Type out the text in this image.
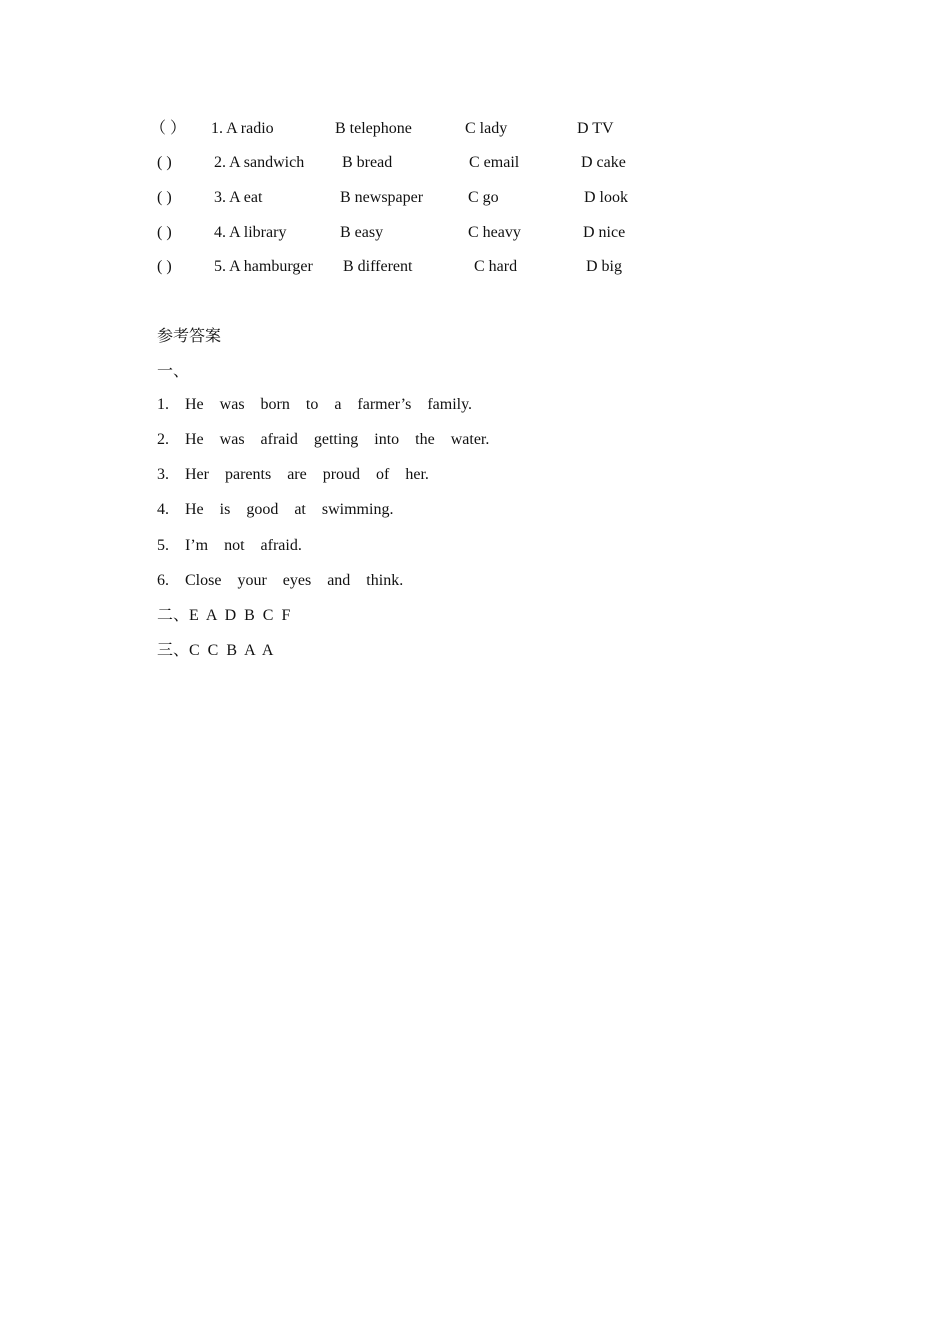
（ ） 1. A radio	B telephone	C lady	D TV
( )	2. A sandwich B bread	C email	D cake
( )	3. A eat	B newspaper	C go	D look
( )	4. A library	B easy	C heavy	D nice
( )	5. A hamburger B different	C hard	D big
参考答案
一、
1.  He  was  born  to  a  farmer’s  family.
2.  He  was  afraid  getting  into  the  water.
3.  Her  parents  are  proud  of  her.
4.  He  is  good  at  swimming.
5.  I’m  not  afraid.
6.  Close  your  eyes  and  think.
二、E  A  D  B  C  F
三、C  C  B  A  A
